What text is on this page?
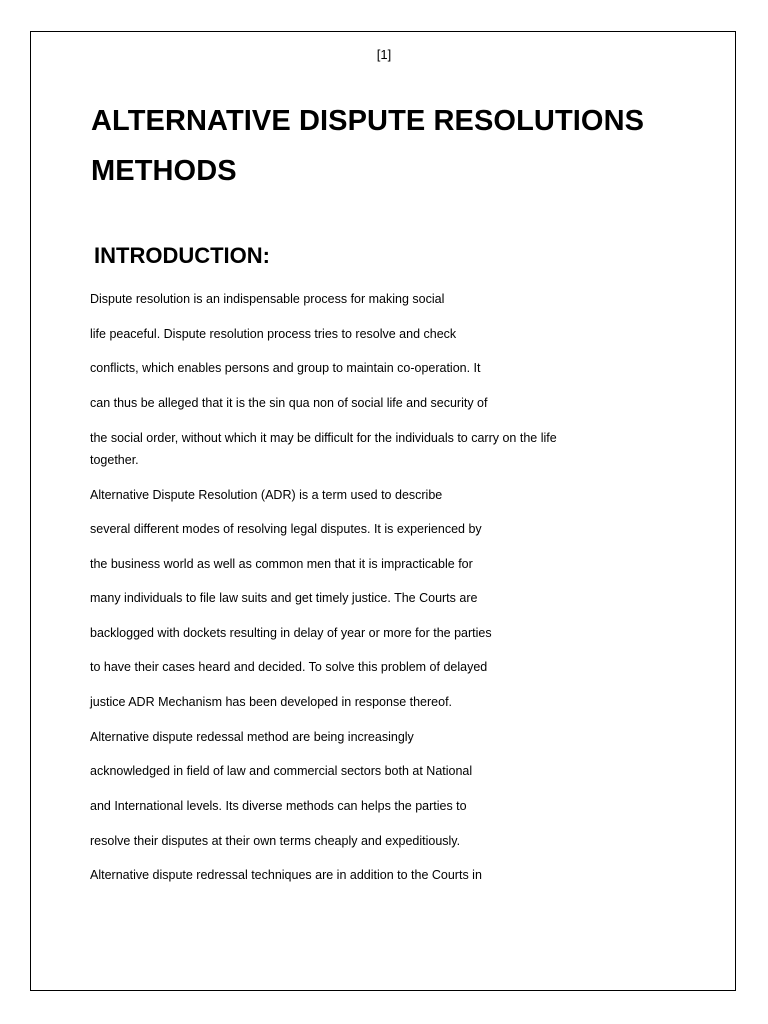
[1]
ALTERNATIVE DISPUTE RESOLUTIONS
METHODS
INTRODUCTION:

Dispute resolution is an indispensable process for making social

life peaceful. Dispute resolution process tries to resolve and check

conflicts, which enables persons and group to maintain co-operation. It

can thus be alleged that it is the sin qua non of social life and security of

the social order, without which it may be difficult for the individuals to carry on the life

together.

Alternative Dispute Resolution (ADR) is a term used to describe

several different modes of resolving legal disputes. It is experienced by

the business world as well as common men that it is impracticable for

many individuals to file law suits and get timely justice. The Courts are

backlogged with dockets resulting in delay of year or more for the parties

to have their cases heard and decided. To solve this problem of delayed

justice ADR Mechanism has been developed in response thereof.

Alternative dispute redessal method are being increasingly

acknowledged in field of law and commercial sectors both at National

and International levels. Its diverse methods can helps the parties to

resolve their disputes at their own terms cheaply and expeditiously.

Alternative dispute redressal techniques are in addition to the Courts in
